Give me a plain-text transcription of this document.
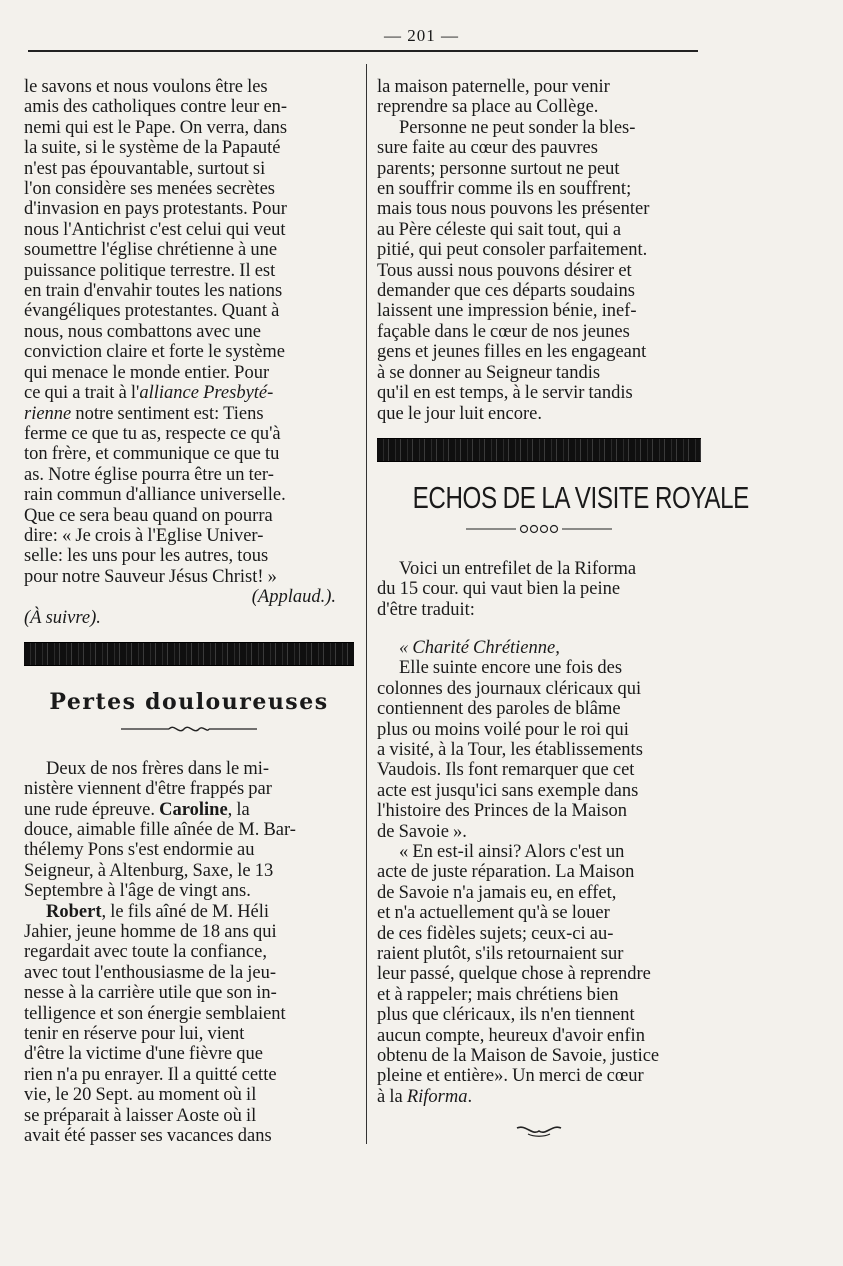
— 201 —

le savons et nous voulons être les

amis des catholiques contre leur en-

nemi qui est le Pape. On verra, dans

la suite, si le système de la Papauté

n'est pas épouvantable, surtout si

l'on considère ses menées secrètes

d'invasion en pays protestants. Pour

nous l'Antichrist c'est celui qui veut

soumettre l'église chrétienne à une

puissance politique terrestre. Il est

en train d'envahir toutes les nations

évangéliques protestantes. Quant à

nous, nous combattons avec une

conviction claire et forte le système

qui menace le monde entier. Pour

ce qui a trait à l'alliance Presbyté-

rienne notre sentiment est: Tiens

ferme ce que tu as, respecte ce qu'à

ton frère, et communique ce que tu

as. Notre église pourra être un ter-

rain commun d'alliance universelle.

Que ce sera beau quand on pourra

dire: « Je crois à l'Eglise Univer-

selle: les uns pour les autres, tous

pour notre Sauveur Jésus Christ! »

(Applaud.).

(À suivre).

Pertes douloureuses

Deux de nos frères dans le mi-

nistère viennent d'être frappés par

une rude épreuve. Caroline, la

douce, aimable fille aînée de M. Bar-

thélemy Pons s'est endormie au

Seigneur, à Altenburg, Saxe, le 13

Septembre à l'âge de vingt ans.

Robert, le fils aîné de M. Héli

Jahier, jeune homme de 18 ans qui

regardait avec toute la confiance,

avec tout l'enthousiasme de la jeu-

nesse à la carrière utile que son in-

telligence et son énergie semblaient

tenir en réserve pour lui, vient

d'être la victime d'une fièvre que

rien n'a pu enrayer. Il a quitté cette

vie, le 20 Sept. au moment où il

se préparait à laisser Aoste où il

avait été passer ses vacances dans

la maison paternelle, pour venir

reprendre sa place au Collège.

Personne ne peut sonder la bles-

sure faite au cœur des pauvres

parents; personne surtout ne peut

en souffrir comme ils en souffrent;

mais tous nous pouvons les présenter

au Père céleste qui sait tout, qui a

pitié, qui peut consoler parfaitement.

Tous aussi nous pouvons désirer et

demander que ces départs soudains

laissent une impression bénie, inef-

façable dans le cœur de nos jeunes

gens et jeunes filles en les engageant

à se donner au Seigneur tandis

qu'il en est temps, à le servir tandis

que le jour luit encore.

ECHOS DE LA VISITE ROYALE

Voici un entrefilet de la Riforma

du 15 cour. qui vaut bien la peine

d'être traduit:

« Charité Chrétienne,

Elle suinte encore une fois des

colonnes des journaux cléricaux qui

contiennent des paroles de blâme

plus ou moins voilé pour le roi qui

a visité, à la Tour, les établissements

Vaudois. Ils font remarquer que cet

acte est jusqu'ici sans exemple dans

l'histoire des Princes de la Maison

de Savoie ».

« En est-il ainsi? Alors c'est un

acte de juste réparation. La Maison

de Savoie n'a jamais eu, en effet,

et n'a actuellement qu'à se louer

de ces fidèles sujets; ceux-ci au-

raient plutôt, s'ils retournaient sur

leur passé, quelque chose à reprendre

et à rappeler; mais chrétiens bien

plus que cléricaux, ils n'en tiennent

aucun compte, heureux d'avoir enfin

obtenu de la Maison de Savoie, justice

pleine et entière». Un merci de cœur

à la Riforma.
